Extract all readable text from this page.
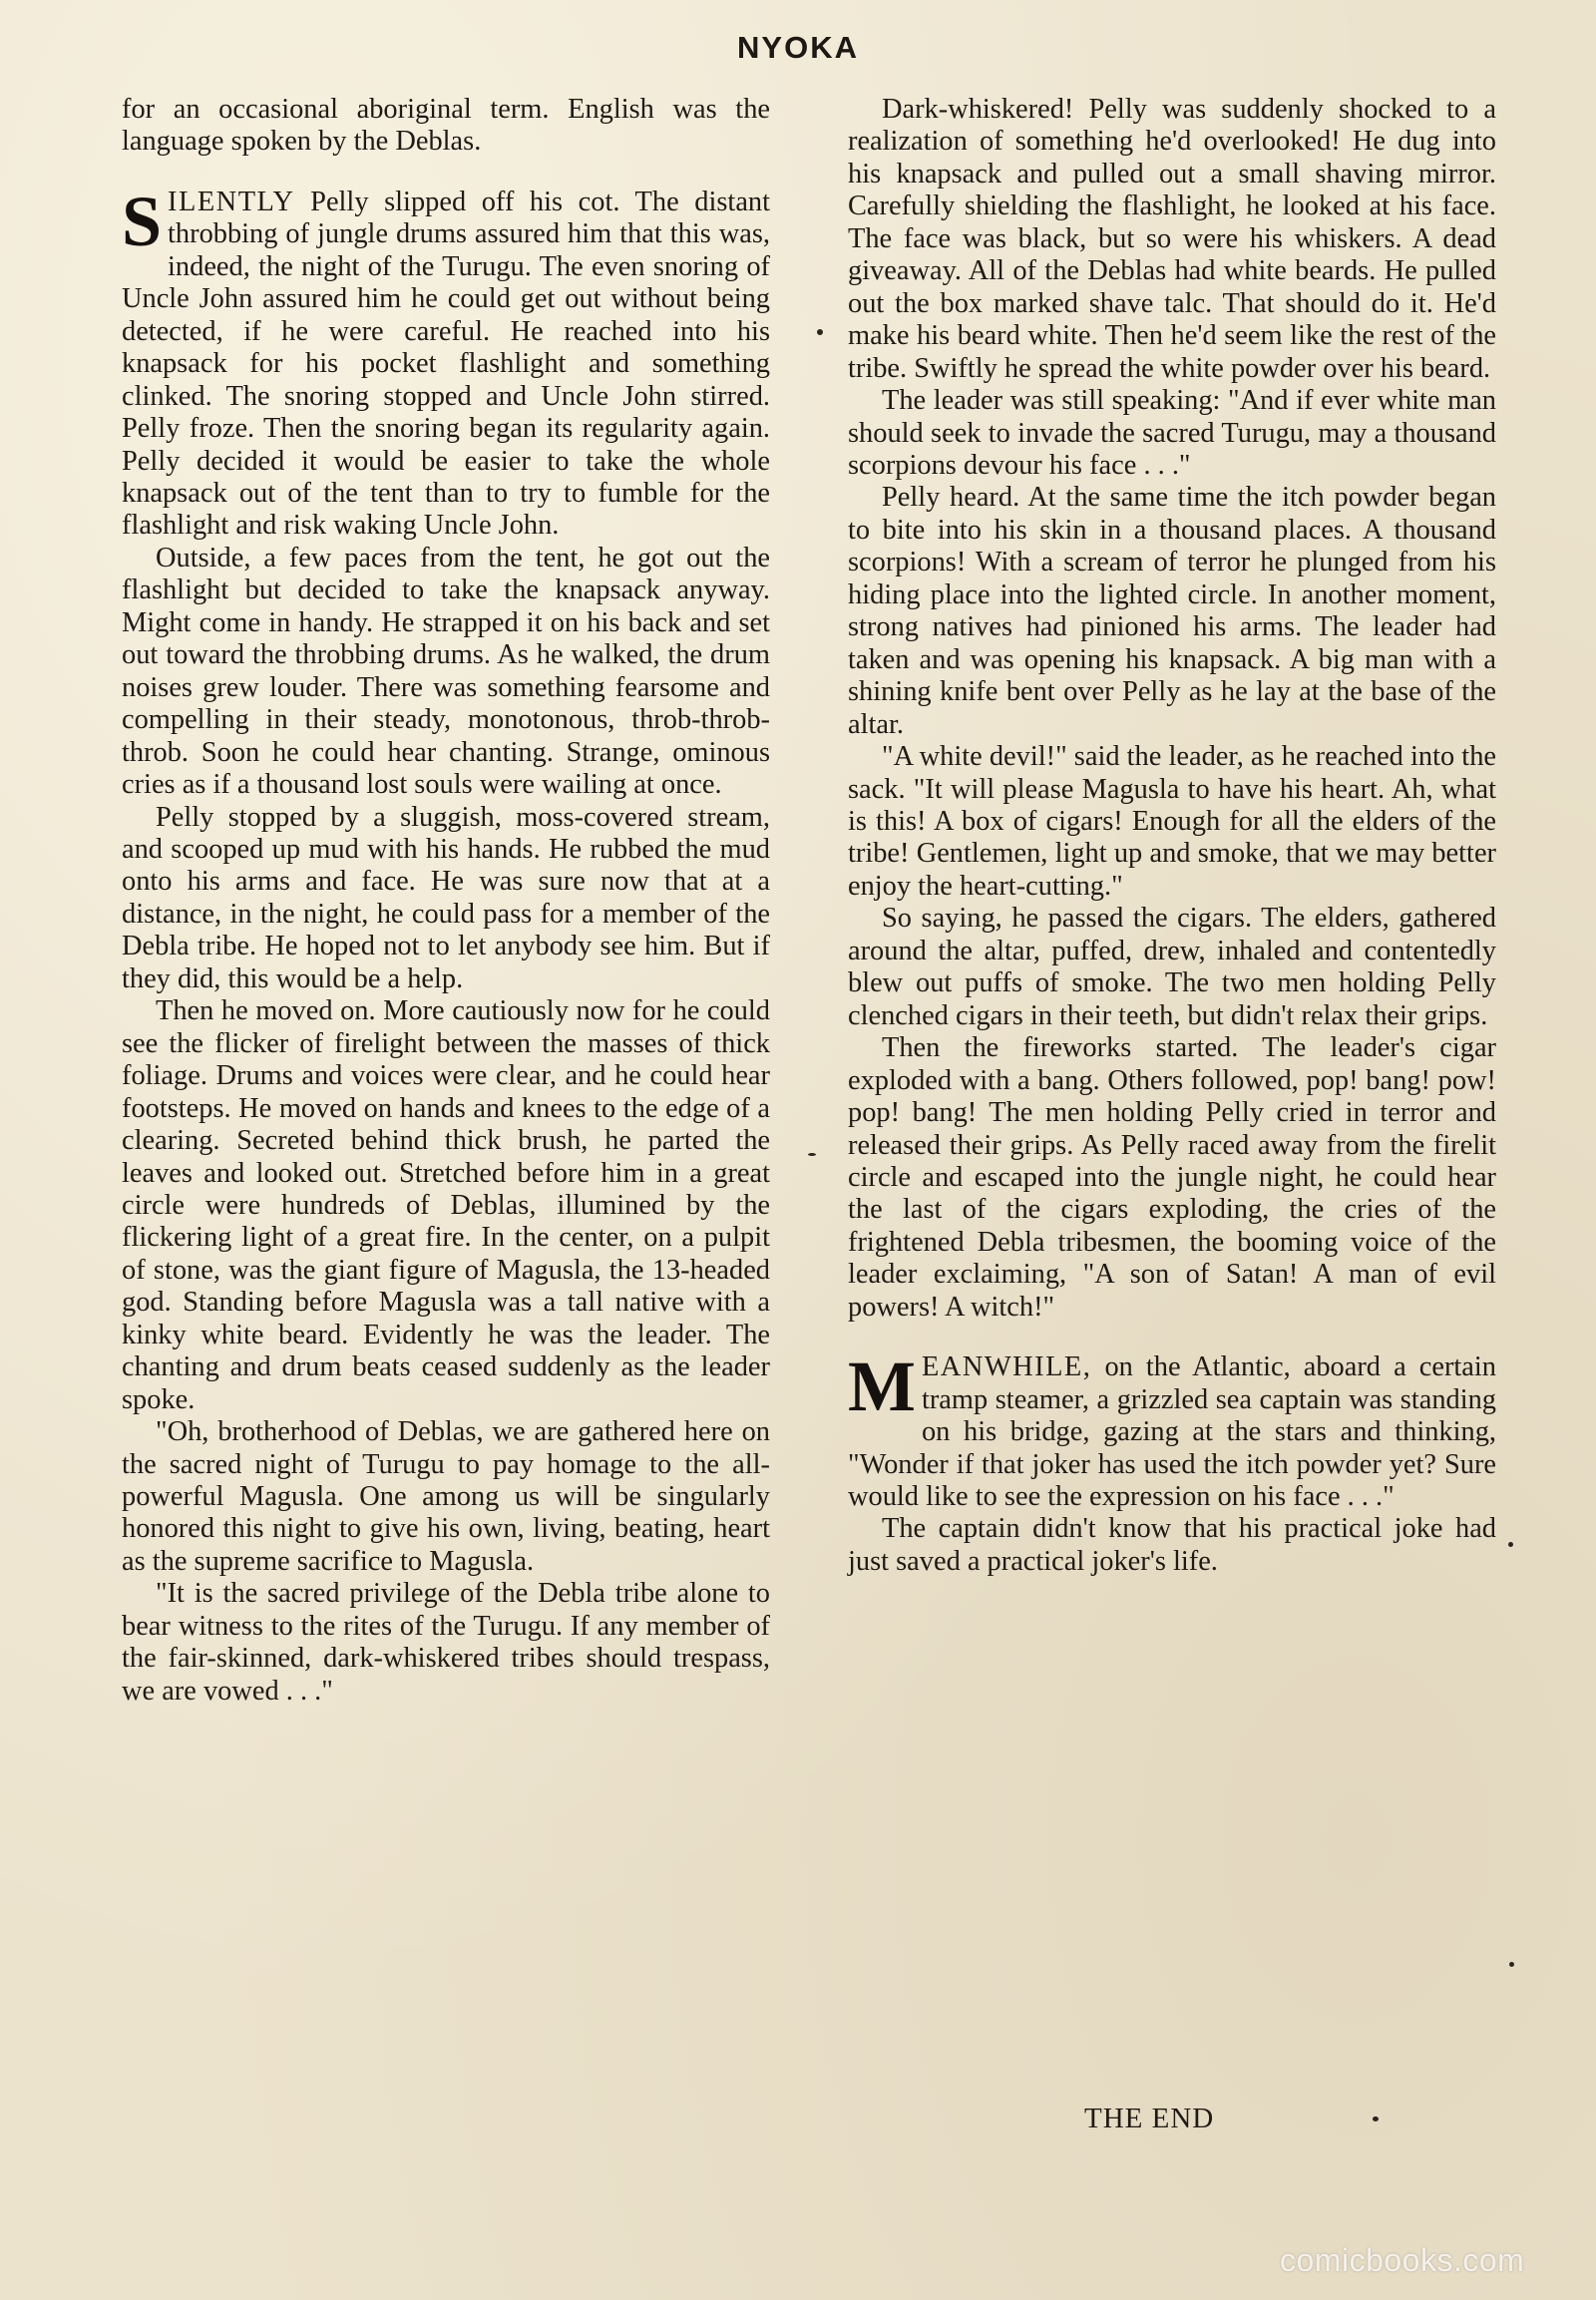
NYOKA

for an occasional aboriginal term. English was the language spoken by the Deblas.

SILENTLY Pelly slipped off his cot. The distant throbbing of jungle drums assured him that this was, indeed, the night of the Turugu. The even snoring of Uncle John assured him he could get out without being detected, if he were careful. He reached into his knapsack for his pocket flashlight and something clinked. The snoring stopped and Uncle John stirred. Pelly froze. Then the snoring began its regularity again. Pelly decided it would be easier to take the whole knapsack out of the tent than to try to fumble for the flashlight and risk waking Uncle John.

Outside, a few paces from the tent, he got out the flashlight but decided to take the knapsack anyway. Might come in handy. He strapped it on his back and set out toward the throbbing drums. As he walked, the drum noises grew louder. There was something fearsome and compelling in their steady, monotonous, throb-throb-throb. Soon he could hear chanting. Strange, ominous cries as if a thousand lost souls were wailing at once.

Pelly stopped by a sluggish, moss-covered stream, and scooped up mud with his hands. He rubbed the mud onto his arms and face. He was sure now that at a distance, in the night, he could pass for a member of the Debla tribe. He hoped not to let anybody see him. But if they did, this would be a help.

Then he moved on. More cautiously now for he could see the flicker of firelight between the masses of thick foliage. Drums and voices were clear, and he could hear footsteps. He moved on hands and knees to the edge of a clearing. Secreted behind thick brush, he parted the leaves and looked out. Stretched before him in a great circle were hundreds of Deblas, illumined by the flickering light of a great fire. In the center, on a pulpit of stone, was the giant figure of Magusla, the 13-headed god. Standing before Magusla was a tall native with a kinky white beard. Evidently he was the leader. The chanting and drum beats ceased suddenly as the leader spoke.

"Oh, brotherhood of Deblas, we are gathered here on the sacred night of Turugu to pay homage to the all-powerful Magusla. One among us will be singularly honored this night to give his own, living, beating, heart as the supreme sacrifice to Magusla.

"It is the sacred privilege of the Debla tribe alone to bear witness to the rites of the Turugu. If any member of the fair-skinned, dark-whiskered tribes should trespass, we are vowed . . ."

Dark-whiskered! Pelly was suddenly shocked to a realization of something he'd overlooked! He dug into his knapsack and pulled out a small shaving mirror. Carefully shielding the flashlight, he looked at his face. The face was black, but so were his whiskers. A dead giveaway. All of the Deblas had white beards. He pulled out the box marked shave talc. That should do it. He'd make his beard white. Then he'd seem like the rest of the tribe. Swiftly he spread the white powder over his beard.

The leader was still speaking: "And if ever white man should seek to invade the sacred Turugu, may a thousand scorpions devour his face . . ."

Pelly heard. At the same time the itch powder began to bite into his skin in a thousand places. A thousand scorpions! With a scream of terror he plunged from his hiding place into the lighted circle. In another moment, strong natives had pinioned his arms. The leader had taken and was opening his knapsack. A big man with a shining knife bent over Pelly as he lay at the base of the altar.

"A white devil!" said the leader, as he reached into the sack. "It will please Magusla to have his heart. Ah, what is this! A box of cigars! Enough for all the elders of the tribe! Gentlemen, light up and smoke, that we may better enjoy the heart-cutting."

So saying, he passed the cigars. The elders, gathered around the altar, puffed, drew, inhaled and contentedly blew out puffs of smoke. The two men holding Pelly clenched cigars in their teeth, but didn't relax their grips.

Then the fireworks started. The leader's cigar exploded with a bang. Others followed, pop! bang! pow! pop! bang! The men holding Pelly cried in terror and released their grips. As Pelly raced away from the firelit circle and escaped into the jungle night, he could hear the last of the cigars exploding, the cries of the frightened Debla tribesmen, the booming voice of the leader exclaiming, "A son of Satan! A man of evil powers! A witch!"

MEANWHILE, on the Atlantic, aboard a certain tramp steamer, a grizzled sea captain was standing on his bridge, gazing at the stars and thinking, "Wonder if that joker has used the itch powder yet? Sure would like to see the expression on his face . . ."

The captain didn't know that his practical joke had just saved a practical joker's life.

THE END
comicbooks.com
